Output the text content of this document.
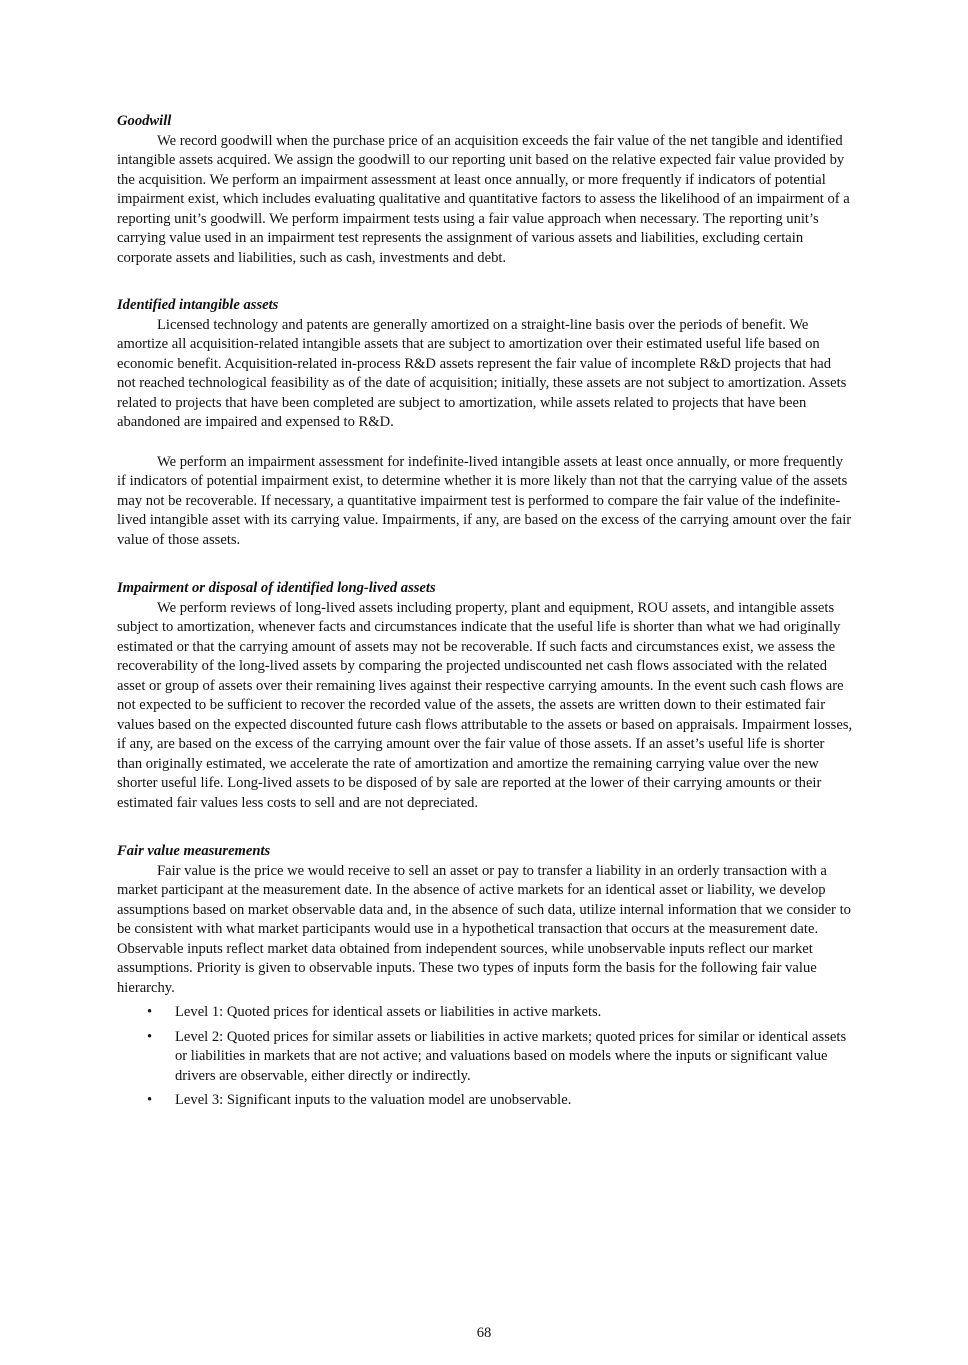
Goodwill

We record goodwill when the purchase price of an acquisition exceeds the fair value of the net tangible and identified intangible assets acquired. We assign the goodwill to our reporting unit based on the relative expected fair value provided by the acquisition. We perform an impairment assessment at least once annually, or more frequently if indicators of potential impairment exist, which includes evaluating qualitative and quantitative factors to assess the likelihood of an impairment of a reporting unit’s goodwill. We perform impairment tests using a fair value approach when necessary. The reporting unit’s carrying value used in an impairment test represents the assignment of various assets and liabilities, excluding certain corporate assets and liabilities, such as cash, investments and debt.

Identified intangible assets

Licensed technology and patents are generally amortized on a straight-line basis over the periods of benefit. We amortize all acquisition-related intangible assets that are subject to amortization over their estimated useful life based on economic benefit. Acquisition-related in-process R&D assets represent the fair value of incomplete R&D projects that had not reached technological feasibility as of the date of acquisition; initially, these assets are not subject to amortization. Assets related to projects that have been completed are subject to amortization, while assets related to projects that have been abandoned are impaired and expensed to R&D.

We perform an impairment assessment for indefinite-lived intangible assets at least once annually, or more frequently if indicators of potential impairment exist, to determine whether it is more likely than not that the carrying value of the assets may not be recoverable. If necessary, a quantitative impairment test is performed to compare the fair value of the indefinite-lived intangible asset with its carrying value. Impairments, if any, are based on the excess of the carrying amount over the fair value of those assets.

Impairment or disposal of identified long-lived assets

We perform reviews of long-lived assets including property, plant and equipment, ROU assets, and intangible assets subject to amortization, whenever facts and circumstances indicate that the useful life is shorter than what we had originally estimated or that the carrying amount of assets may not be recoverable. If such facts and circumstances exist, we assess the recoverability of the long-lived assets by comparing the projected undiscounted net cash flows associated with the related asset or group of assets over their remaining lives against their respective carrying amounts. In the event such cash flows are not expected to be sufficient to recover the recorded value of the assets, the assets are written down to their estimated fair values based on the expected discounted future cash flows attributable to the assets or based on appraisals. Impairment losses, if any, are based on the excess of the carrying amount over the fair value of those assets. If an asset’s useful life is shorter than originally estimated, we accelerate the rate of amortization and amortize the remaining carrying value over the new shorter useful life. Long-lived assets to be disposed of by sale are reported at the lower of their carrying amounts or their estimated fair values less costs to sell and are not depreciated.

Fair value measurements

Fair value is the price we would receive to sell an asset or pay to transfer a liability in an orderly transaction with a market participant at the measurement date. In the absence of active markets for an identical asset or liability, we develop assumptions based on market observable data and, in the absence of such data, utilize internal information that we consider to be consistent with what market participants would use in a hypothetical transaction that occurs at the measurement date. Observable inputs reflect market data obtained from independent sources, while unobservable inputs reflect our market assumptions. Priority is given to observable inputs. These two types of inputs form the basis for the following fair value hierarchy.

• Level 1: Quoted prices for identical assets or liabilities in active markets.
• Level 2: Quoted prices for similar assets or liabilities in active markets; quoted prices for similar or identical assets or liabilities in markets that are not active; and valuations based on models where the inputs or significant value drivers are observable, either directly or indirectly.
• Level 3: Significant inputs to the valuation model are unobservable.
68
